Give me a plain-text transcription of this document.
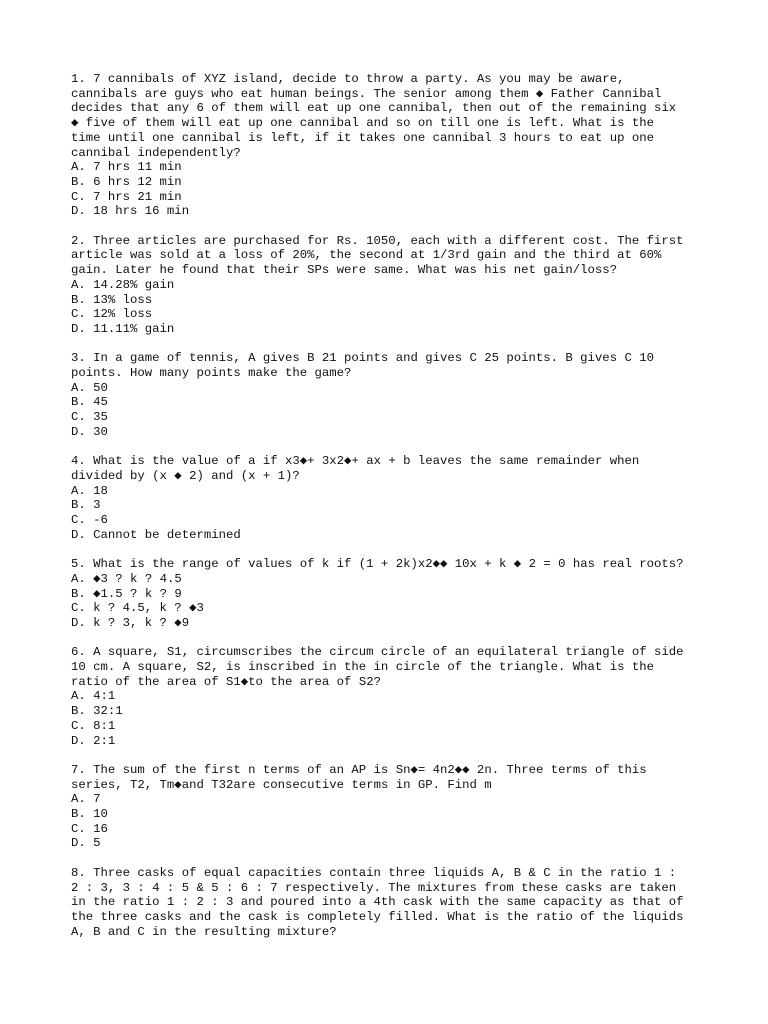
1. 7 cannibals of XYZ island, decide to throw a party. As you may be aware,
cannibals are guys who eat human beings. The senior among them ◆ Father Cannibal
decides that any 6 of them will eat up one cannibal, then out of the remaining six
◆ five of them will eat up one cannibal and so on till one is left. What is the
time until one cannibal is left, if it takes one cannibal 3 hours to eat up one
cannibal independently?
A. 7 hrs 11 min
B. 6 hrs 12 min
C. 7 hrs 21 min
D. 18 hrs 16 min
2. Three articles are purchased for Rs. 1050, each with a different cost. The first
article was sold at a loss of 20%, the second at 1/3rd gain and the third at 60%
gain. Later he found that their SPs were same. What was his net gain/loss?
A. 14.28% gain
B. 13% loss
C. 12% loss
D. 11.11% gain
3. In a game of tennis, A gives B 21 points and gives C 25 points. B gives C 10
points. How many points make the game?
A. 50
B. 45
C. 35
D. 30
4. What is the value of a if x3◆+ 3x2◆+ ax + b leaves the same remainder when
divided by (x ◆ 2) and (x + 1)?
A. 18
B. 3
C. -6
D. Cannot be determined
5. What is the range of values of k if (1 + 2k)x2◆◆ 10x + k ◆ 2 = 0 has real roots?
A. ◆3 ? k ? 4.5
B. ◆1.5 ? k ? 9
C. k ? 4.5, k ? ◆3
D. k ? 3, k ? ◆9
6. A square, S1, circumscribes the circum circle of an equilateral triangle of side
10 cm. A square, S2, is inscribed in the in circle of the triangle. What is the
ratio of the area of S1◆to the area of S2?
A. 4:1
B. 32:1
C. 8:1
D. 2:1
7. The sum of the first n terms of an AP is Sn◆= 4n2◆◆ 2n. Three terms of this
series, T2, Tm◆and T32are consecutive terms in GP. Find m
A. 7
B. 10
C. 16
D. 5
8. Three casks of equal capacities contain three liquids A, B & C in the ratio 1 :
2 : 3, 3 : 4 : 5 & 5 : 6 : 7 respectively. The mixtures from these casks are taken
in the ratio 1 : 2 : 3 and poured into a 4th cask with the same capacity as that of
the three casks and the cask is completely filled. What is the ratio of the liquids
A, B and C in the resulting mixture?
